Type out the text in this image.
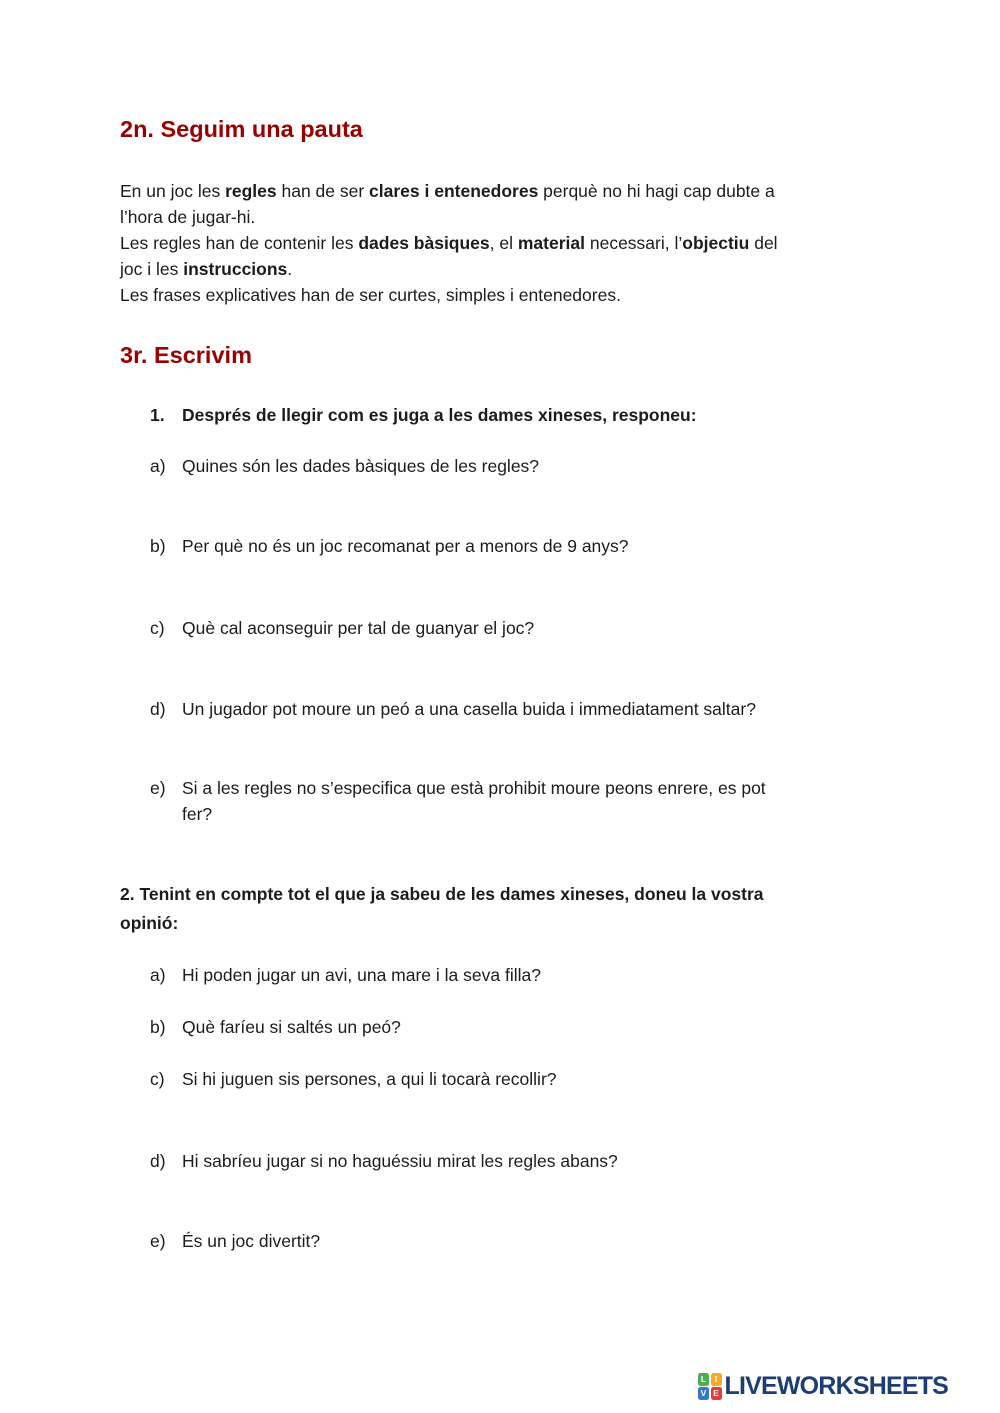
2n. Seguim una pauta
En un joc les regles han de ser clares i entenedores perquè no hi hagi cap dubte a
l’hora de jugar-hi.
Les regles han de contenir les dades bàsiques, el material necessari, l’objectiu del
joc i les instruccions.
Les frases explicatives han de ser curtes, simples i entenedores.
3r. Escrivim
1. Després de llegir com es juga a les dames xineses, responeu:
a) Quines són les dades bàsiques de les regles?
b) Per què no és un joc recomanat per a menors de 9 anys?
c) Què cal aconseguir per tal de guanyar el joc?
d) Un jugador pot moure un peó a una casella buida i immediatament saltar?
e) Si a les regles no s’especifica que està prohibit moure peons enrere, es pot
fer?
2. Tenint en compte tot el que ja sabeu de les dames xineses, doneu la vostra
opinió:
a) Hi poden jugar un avi, una mare i la seva filla?
b) Què faríeu si saltés un peó?
c) Si hi juguen sis persones, a qui li tocarà recollir?
d) Hi sabríeu jugar si no haguéssiu mirat les regles abans?
e) És un joc divertit?
L	I
V E LIVEWORKSHEETS
